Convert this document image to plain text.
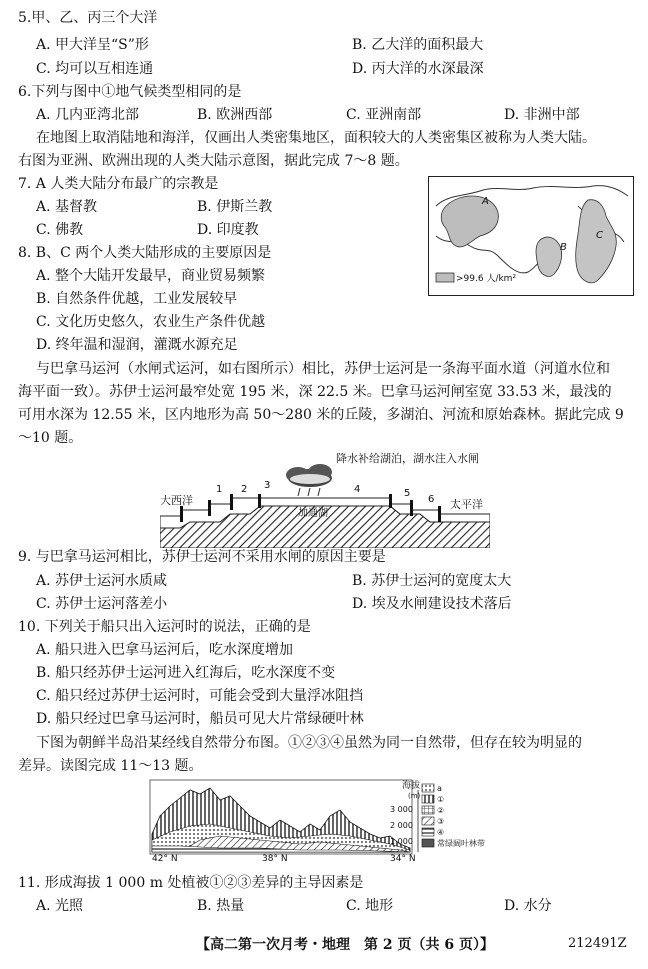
5.甲、乙、丙三个大洋
A. 甲大洋呈“S”形	B. 乙大洋的面积最大
C. 均可以互相连通	D. 丙大洋的水深最深
6.下列与图中①地气候类型相同的是
A. 几内亚湾北部	B. 欧洲西部	C. 亚洲南部	D. 非洲中部
在地图上取消陆地和海洋，仅画出人类密集地区，面积较大的人类密集区被称为人类大陆。
右图为亚洲、欧洲出现的人类大陆示意图，据此完成 7～8 题。
7. A 人类大陆分布最广的宗教是
A. 基督教	B. 伊斯兰教
C. 佛教	D. 印度教
8. B、C 两个人类大陆形成的主要原因是
A. 整个大陆开发最早，商业贸易频繁
B. 自然条件优越，工业发展较早
C. 文化历史悠久，农业生产条件优越
D. 终年温和湿润，灌溉水源充足
A
B
C
>99.6 人/km²
与巴拿马运河（水闸式运河，如右图所示）相比，苏伊士运河是一条海平面水道（河道水位和
海平面一致）。苏伊士运河最窄处宽 195 米，深 22.5 米。巴拿马运河闸室宽 33.53 米，最浅的
可用水深为 12.55 米，区内地形为高 50～280 米的丘陵，多湖泊、河流和原始森林。据此完成 9
～10 题。
降水补给湖泊，湖水注入水闸
1 2 3	4	5
6
大西洋	太平洋
加通湖
9. 与巴拿马运河相比，苏伊士运河不采用水闸的原因主要是
A. 苏伊士运河水质咸	B. 苏伊士运河的宽度太大
C. 苏伊士运河落差小	D. 埃及水闸建设技术落后
10. 下列关于船只出入运河时的说法，正确的是
A. 船只进入巴拿马运河后，吃水深度增加
B. 船只经苏伊士运河进入红海后，吃水深度不变
C. 船只经过苏伊士运河时，可能会受到大量浮冰阻挡
D. 船只经过巴拿马运河时，船员可见大片常绿硬叶林
下图为朝鲜半岛沿某经线自然带分布图。①②③④虽然为同一自然带，但存在较为明显的
差异。读图完成 11～13 题。
42° N	38° N	34° N
海拔
(m)
3 000
2 000
1 000
a
①
②
③
④
常绿阔叶林带
11. 形成海拔 1 000 m 处植被①②③差异的主导因素是
A. 光照	B. 热量	C. 地形	D. 水分
【高二第一次月考・地理　第 2 页（共 6 页）】	212491Z
